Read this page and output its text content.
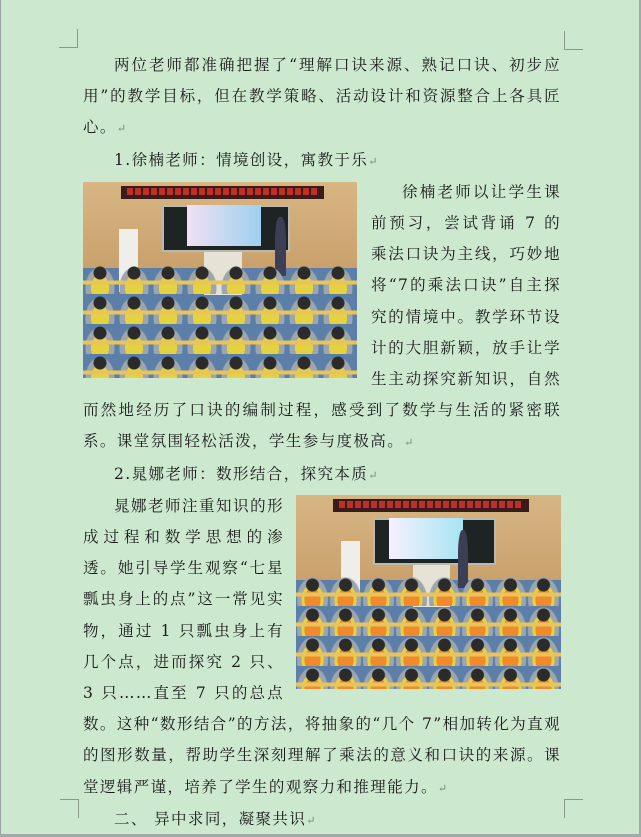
两位老师都准确把握了“理解口诀来源、熟记口诀、初步应用”的教学目标，但在教学策略、活动设计和资源整合上各具匠心。↵

1.徐楠老师：情境创设，寓教于乐↵

徐楠老师以让学生课前预习，尝试背诵 7 的乘法口诀为主线，巧妙地将“7的乘法口诀”自主探究的情境中。教学环节设计的大胆新颖，放手让学生主动探究新知识，自然而然地经历了口诀的编制过程，感受到了数学与生活的紧密联系。课堂氛围轻松活泼，学生参与度极高。↵

2.晁娜老师：数形结合，探究本质↵

晁娜老师注重知识的形成过程和数学思想的渗透。她引导学生观察“七星瓢虫身上的点”这一常见实物，通过 1 只瓢虫身上有几个点，进而探究 2 只、3 只……直至 7 只的总点数。这种“数形结合”的方法，将抽象的“几个 7”相加转化为直观的图形数量，帮助学生深刻理解了乘法的意义和口诀的来源。课堂逻辑严谨，培养了学生的观察力和推理能力。↵

二、 异中求同，凝聚共识↵
